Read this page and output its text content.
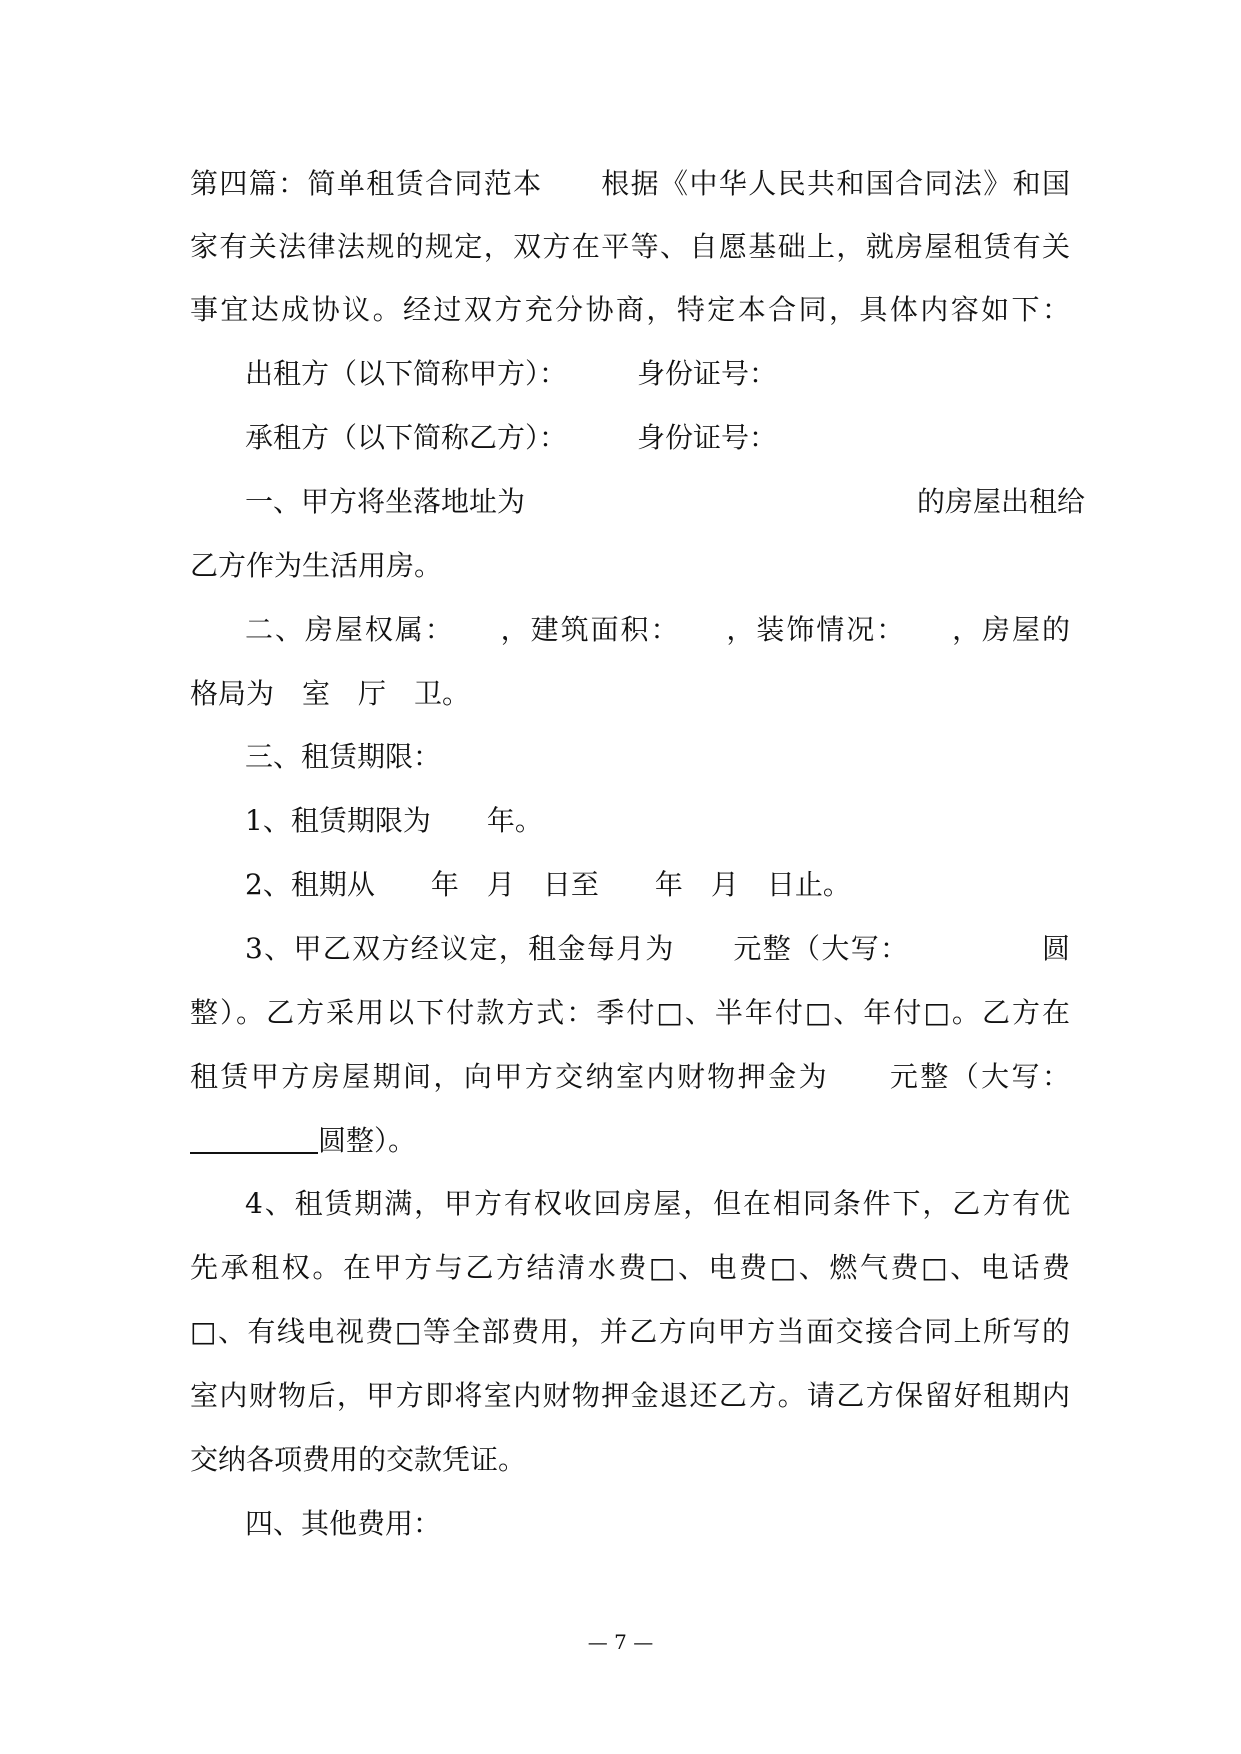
第四篇：简单租赁合同范本　　根据《中华人民共和国合同法》和国
家有关法律法规的规定，双方在平等、自愿基础上，就房屋租赁有关
事宜达成协议。经过双方充分协商，特定本合同，具体内容如下：
出租方（以下简称甲方）：　　　身份证号：
承租方（以下简称乙方）：　　　身份证号：
一、甲方将坐落地址为　　　　　　　　　　　　　　的房屋出租给
乙方作为生活用房。
二、房屋权属：　　，建筑面积：　　，装饰情况：　　，房屋的
格局为　室　厅　卫。
三、租赁期限：
1、租赁期限为　　年。
2、租期从　　年　月　日至　　年　月　日止。
3、甲乙双方经议定，租金每月为　　元整（大写：　　　　　圆
整）。乙方采用以下付款方式：季付□、半年付□、年付□。乙方在
租赁甲方房屋期间，向甲方交纳室内财物押金为　　元整（大写：
圆整）。
4、租赁期满，甲方有权收回房屋，但在相同条件下，乙方有优
先承租权。在甲方与乙方结清水费□、电费□、燃气费□、电话费
□、有线电视费□等全部费用，并乙方向甲方当面交接合同上所写的
室内财物后，甲方即将室内财物押金退还乙方。请乙方保留好租期内
交纳各项费用的交款凭证。
四、其他费用：
— 7 —
